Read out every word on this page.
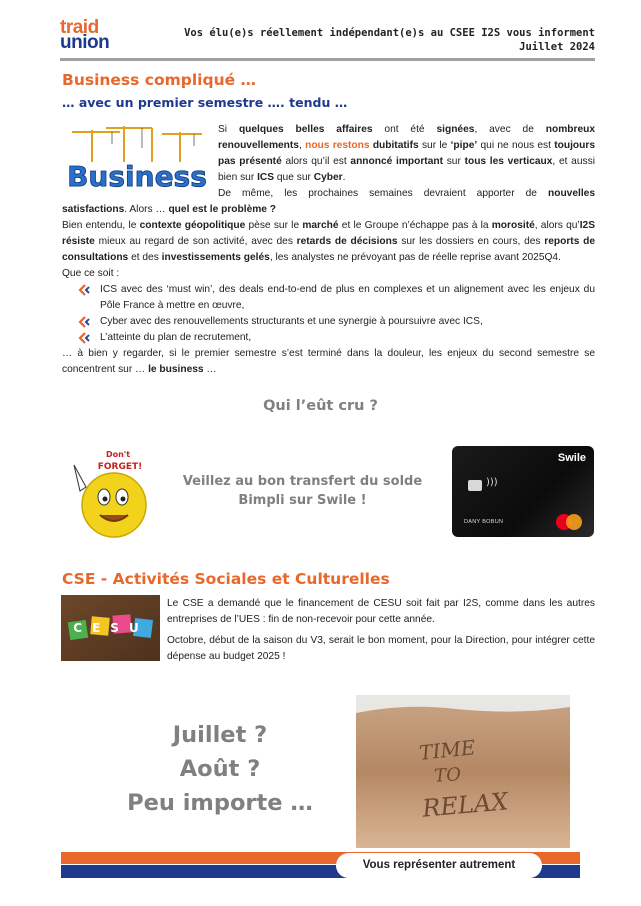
traid
union	Vos élu(e)s réellement indépendant(e)s au CSEE I2S vous informent
Juillet 2024
Business compliqué …
… avec un premier semestre …. tendu …
Business

Si quelques belles affaires ont été signées, avec de nombreux renouvellements, nous restons dubitatifs sur le ‘pipe’ qui ne nous est toujours pas présenté alors qu’il est annoncé important sur tous les verticaux, et aussi bien sur ICS que sur Cyber.

De même, les prochaines semaines devraient apporter de nouvelles satisfactions. Alors … quel est le problème ?

Bien entendu, le contexte géopolitique pèse sur le marché et le Groupe n’échappe pas à la morosité, alors qu’I2S résiste mieux au regard de son activité, avec des retards de décisions sur les dossiers en cours, des reports de consultations et des investissements gelés, les analystes ne prévoyant pas de réelle reprise avant 2025Q4.

Que ce soit :

ICS avec des ‘must win’, des deals end-to-end de plus en complexes et un alignement avec les enjeux du Pôle France à mettre en œuvre,
Cyber avec des renouvellements structurants et une synergie à poursuivre avec ICS,
L’atteinte du plan de recrutement,

… à bien y regarder, si le premier semestre s’est terminé dans la douleur, les enjeux du second semestre se concentrent sur … le business …

Qui l’eût cru ?
Don't
FORGET!
Veillez au bon transfert du solde Bimpli sur Swile !
Swile
)))
DANY BOBUN
CSE - Activités Sociales et Culturelles
CESU

Le CSE a demandé que le financement de CESU soit fait par I2S, comme dans les autres entreprises de l’UES : fin de non-recevoir pour cette année.

Octobre, début de la saison du V3, serait le bon moment, pour la Direction, pour intégrer cette dépense au budget 2025 !

Juillet ?
Août ?
Peu importe …
TIME
TO
RELAX
Vous représenter autrement
